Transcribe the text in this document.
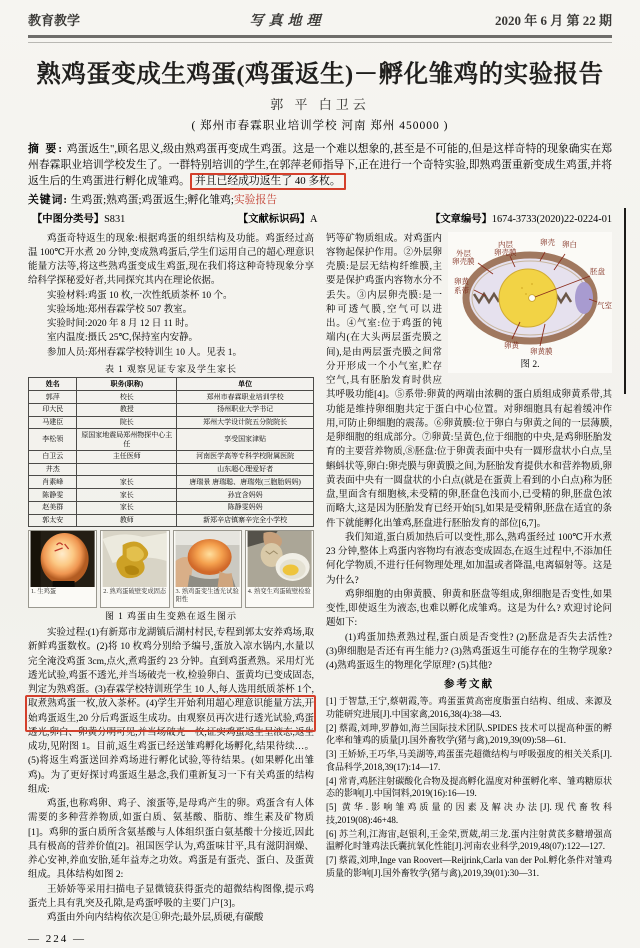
教育教学	写真地理	2020 年 6 月 第 22 期
熟鸡蛋变成生鸡蛋(鸡蛋返生)－孵化雏鸡的实验报告
郭 平 白卫云
( 郑州市春霖职业培训学校 河南 郑州 450000 )
摘 要: 鸡蛋返生",顾名思义,级由熟鸡蛋再变成生鸡蛋。这是一个难以想象的,甚至是不可能的,但是这样奇特的现象确实在郑州春霖职业培训学校发生了。一群特别培训的学生,在郭萍老师指导下,正在进行一个奇特实验,即熟鸡蛋重新变成生鸡蛋,并将返生后的生鸡蛋进行孵化成雏鸡。 并且已经成功返生了 40 多枚。
关键词: 生鸡蛋;熟鸡蛋;鸡蛋返生;孵化雏鸡;实验报告
【中图分类号】S831	【文献标识码】A	【文章编号】1674-3733(2020)22-0224-01

鸡蛋奇特返生的现象:根据鸡蛋的组织结构及功能。鸡蛋经过高温 100℃开水煮 20 分钟,变成熟鸡蛋后,学生们运用自己的超心理意识能量方法等,将这些熟鸡蛋变成生鸡蛋,现在我们将这种奇特现象分享给科学探秘爱好者,共同探究其内在理论依据。

实验材料:鸡蛋 10 枚,一次性纸质茶杯 10 个。

实验场地:郑州春霖学校 507 教室。

实验时间:2020 年 8 月 12 日 11 时。

室内温度:摄氏 25℃,保持室内安静。

参加人员:郑州春霖学校特训生 10 人。见表 1。

表 1 观察见证专家及学生家长
姓名	职务(职称)	单位
郭萍	校长	郑州市春霖职业培训学校
印大民	教授	扬州职业大学书记
马建臣	院长	郑州大学设计院五分院院长
李松领	原国家地震局郑州物探中心主任	享受国家津贴
白卫云	主任医师	河南医学高等专科学校附属医院
井杰		山东超心理爱好者
肖素峰	家长	唐瑞景 唐瑞聪、唐瑞苑(三胞胎妈妈)
陈静雯	家长	孙宜含妈妈
赵美群	家长	陈静雯妈妈
郭太安	教师	新郑辛店镇寨辛完全小学校
1. 生鸡蛋	2. 熟鸡蛋破壁变成固态	3. 熟鸡蛋变生透光试验阳性
4. 熟变生鸡蛋破壁检验
图 1 鸡蛋由生变熟在返生图示

实验过程:(1)有新郑市龙湖镇后湖村村民,专程到郭太安养鸡场,取新鲜鸡蛋数枚。(2)将 10 枚鸡分别给予编号,蛋放入凉水锅内,水量以完全淹没鸡蛋 3cm,点火,煮鸡蛋约 23 分钟。直到鸡蛋煮熟。采用灯光透光试验,鸡蛋不透光,并当场破壳一枚,检验卵白、蛋黄均已变成固态,判定为熟鸡蛋。(3)春霖学校特训班学生 10 人,每人选用纸质茶杯 1个,取煮熟鸡蛋一枚,放入茶杯。(4)学生开始利用超心理意识能量方法,开始鸡蛋返生,20 分后鸡蛋返生成功。由观察员再次进行透光试验,鸡蛋透光,卵白、卵黄分明可见,并当场破壳一枚,证实鸡蛋返生呈液态,返生成功,见附图 1。目前,返生鸡蛋已经送雏鸡孵化场孵化,结果待续…。(5)将返生鸡蛋送回养鸡场进行孵化试验,等待结果。(如果孵化出雏鸡)。为了更好探讨鸡蛋返生悬念,我们重新复习一下有关鸡蛋的结构组成:

鸡蛋,也称鸡卵、鸡子、滚蛋等,是母鸡产生的卵。鸡蛋含有人体需要的多种营养物质,如蛋白质、氨基酸、脂肪、维生素及矿物质[1]。鸡卵的蛋白质所含氨基酸与人体组织蛋白氨基酸十分接近,因此具有极高的营养价值[2]。祖国医学认为,鸡蛋味甘平,具有滋阴润燥、养心安神,养血安胎,延年益寿之功效。鸡蛋是有蛋壳、蛋白、及蛋黄组成。具体结构如图 2:

王娇娇等采用扫描电子显微镜获得蛋壳的超微结构图像,提示鸡蛋壳上具有乳突及孔隙,是鸡蛋呼吸的主要门户[3]。

鸡蛋由外向内结构依次是①卵壳;最外层,质硬,有碳酸

— 224 —
外层
卵壳膜
内层
卵壳膜
卵壳 卵白
胚盘
气室
卵黄
系带
卵黄
卵黄膜
图 2.

钙等矿物质组成。对鸡蛋内容物起保护作用。②外层卵壳膜:是层无结构纤维膜,主要是保护鸡蛋内容物水分不丢失。③内层卵壳膜:是一种可透气膜,空气可以进出。④气室:位于鸡蛋的钝端内(在大头两层蛋壳膜之间),是由两层蛋壳膜之间常分开形成一个小气室,贮存空气,具有胚胎发育时供应其呼吸功能[4]。⑤系带:卵黄的两端由浓稠的蛋白质组成卵黄系带,其功能是维持卵细胞共定于蛋白中心位置。对卵细胞具有起着缓冲作用,可防止卵细胞的震荡。⑥卵黄膜:位于卵白与卵黄之间的一层薄膜,是卵细胞的组成部分。⑦卵黄:呈黄色,位于细胞的中央,是鸡卵胚胎发育的主要营养物质,⑧胚盘:位于卵黄表面中央有一圆形盘状小白点,呈蝌蚪状等,卵白:卵壳膜与卵黄膜之间,为胚胎发育提供水和营养物质,卵黄表面中央有一圆盘状的小白点(就是在蛋黄上看到的小白点)称为胚盘,里面含有细胞核,未受精的卵,胚盘色浅而小,已受精的卵,胚盘色浓而略大,这是因为胚胎发育已经开始[5],如果是受精卵,胚盘在适宜的条件下就能孵化出雏鸡,胚盘进行胚胎发育的部位[6,7]。

我们知道,蛋白质加热后可以变性,那么,熟鸡蛋经过 100℃开水煮 23 分钟,整体上鸡蛋内容物均有液态变成固态,在返生过程中,不添加任何化学物质,不进行任何物理处理,如加温或者降温,电离辐射等。这是为什么?

鸡卵细胞的由卵黄膜、卵黄和胚盘等组成,卵细胞是否变性,如果变性,即使返生为液态,也难以孵化成雏鸡。这是为什么? 欢迎讨论问题如下:

(1)鸡蛋加热煮熟过程,蛋白质是否变性? (2)胚盘是否失去活性? (3)卵细胞是否还有再生能力? (3)熟鸡蛋返生可能存在的生物学现象? (4)熟鸡蛋返生的物理化学原理? (5)其他?

参考文献
[1] 于智慧,王宁,蔡朝霞,等。鸡蛋蛋黄高密度脂蛋白结构、组成、来源及功能研究进展[J].中国家禽,2016,38(4):38—43.
[2] 蔡霞,刘珅,罗静如,海兰国际技术团队.SPIDES 技术可以提高种蛋的孵化率和雏鸡的质量[J].国外畜牧学(猪与禽),2019,39(09):58—61.
[3] 王娇娇,王巧华,马美湖等,鸡蛋蛋壳超微结构与呼吸强度的相关关系[J].食品科学,2018,39(17):14—17.
[4] 常青,鸡胚注射碳酸化合物及提高孵化温度对种蛋孵化率、雏鸡糖原状态的影响[J].中国饲料,2019(16):16—19.
[5] 黄华.影响雏鸡质量的因素及解决办法[J].现代畜牧科技,2019(08):46+48.
[6] 苏兰利,江海宙,赵银利,王金荣,贾葳,胡三龙.蛋内注射黄芪多糖增强高温孵化时雏鸡法氏囊抗氧化性能[J].河南农业科学,2019,48(07):122—127.
[7] 蔡霞,刘珅,Inge van Roovert—Reijrink,Carla van der Pol.孵化条件对雏鸡质量的影响[J].国外畜牧学(猪与禽),2019,39(01):30—31.
